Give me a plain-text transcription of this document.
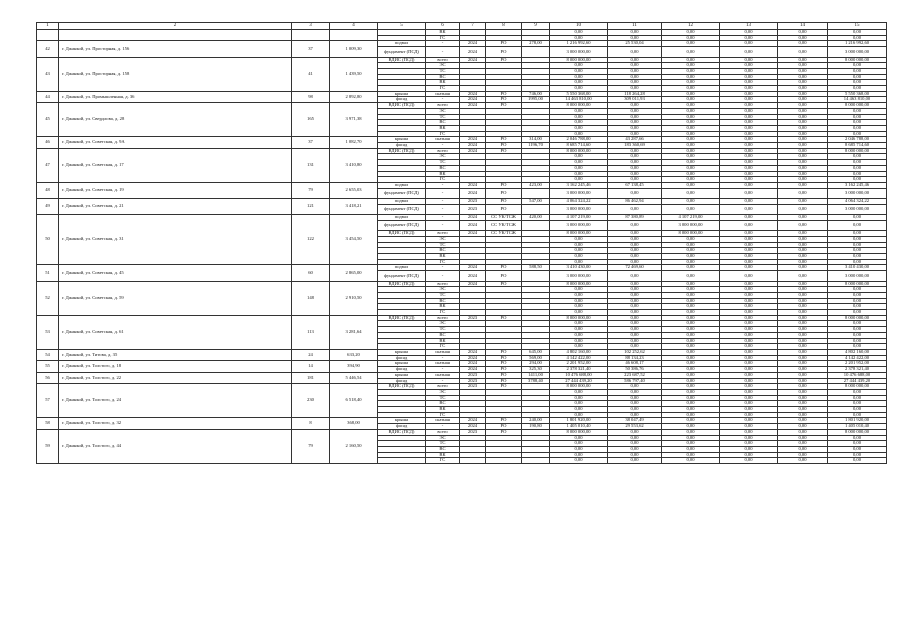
1	2	3	4	5	6	7	8	9	10	11	12	13	14	15
					ВК				0,00	0,00	0,00	0,00	0,00	0,00
					ГС				0,00	0,00	0,00	0,00	0,00	0,00
42	г. Джанкой, ул. Просторная, д. 156	37	1 009,30	подвал	-	2024	РО	278,00	1 216 992,60	25 530,04	0,00	0,00	0,00	1 216 992,60
				фундамент (ПСД)	-	2024	РО		3 000 000,00	0,00	0,00	0,00	0,00	3 000 000,00
43	г. Джанкой, ул. Просторная, д. 158	41	1 439,50	ВДИС (ПСД)	всего	2024	РО		8 000 000,00	0,00	0,00	0,00	0,00	8 000 000,00
					ЭС				0,00	0,00	0,00	0,00	0,00	0,00
					ТС				0,00	0,00	0,00	0,00	0,00	0,00
					ВС				0,00	0,00	0,00	0,00	0,00	0,00
					ВК				0,00	0,00	0,00	0,00	0,00	0,00
					ГС				0,00	0,00	0,00	0,00	0,00	0,00
44	г. Джанкой, ул. Промышленная, д. 36	98	2 892,80	крыша	скатная	2024	РО	746,00	5 550 368,00	118 264,28	0,00	0,00	0,00	5 550 368,00
				фасад	-	2024	РО	1995,00	14 463 810,00	309 011,93	0,00	0,00	0,00	14 463 810,00
45	г. Джанкой, ул. Свердлова, д. 28	165	3 971,38	ВДИС (ПСД)	всего	2024	РО		8 000 000,00	0,00	0,00	0,00	0,00	8 000 000,00
					ЭС				0,00	0,00	0,00	0,00	0,00	0,00
					ТС				0,00	0,00	0,00	0,00	0,00	0,00
					ВС				0,00	0,00	0,00	0,00	0,00	0,00
					ВК				0,00	0,00	0,00	0,00	0,00	0,00
					ГС				0,00	0,00	0,00	0,00	0,00	0,00
46	г. Джанкой, ул. Советская, д. 9А	37	1 082,70	крыша	скатная	2024	РО	314,00	2 046 788,00	43 287,66	0,00	0,00	0,00	2 046 788,00
				фасад	-	2024	РО	1196,70	8 685 714,60	183 360,69	0,00	0,00	0,00	8 685 714,60
47	г. Джанкой, ул. Советская, д. 17	131	3 410,80	ВДИС (ПСД)	всего	2024	РО		8 000 000,00	0,00	0,00	0,00	0,00	8 000 000,00
					ЭС				0,00	0,00	0,00	0,00	0,00	0,00
					ТС				0,00	0,00	0,00	0,00	0,00	0,00
					ВС				0,00	0,00	0,00	0,00	0,00	0,00
					ВК				0,00	0,00	0,00	0,00	0,00	0,00
					ГС				0,00	0,00	0,00	0,00	0,00	0,00
48	г. Джанкой, ул. Советская, д. 19	79	2 655,03	подвал	-	2024	РО	423,00	3 162 245,46	67 138,45	0,00	0,00	0,00	3 162 245,46
				фундамент (ПСД)	-	2024	РО		3 000 000,00	0,00	0,00	0,00	0,00	3 000 000,00
49	г. Джанкой, ул. Советская, д. 21	121	3 418,21	подвал	-	2023	РО	547,00	4 064 324,22	86 462,94	0,00	0,00	0,00	4 064 324,22
				фундамент (ПСД)	-	2023	РО		3 000 000,00	0,00	0,00	0,00	0,00	3 000 000,00
50	г. Джанкой, ул. Советская, д. 31	122	3 454,50	подвал	-	2024	СС УК/ТСЖ	420,00	4 107 219,00	87 380,89	4 107 219,00	0,00	0,00	0,00
				фундамент (ПСД)	-	2024	СС УК/ТСЖ		3 000 000,00	0,00	3 000 000,00	0,00	0,00	0,00
				ВДИС (ПСД)	всего	2024	СС УК/ТСЖ		8 000 000,00	0,00	8 000 000,00	0,00	0,00	0,00
					ЭС				0,00	0,00	0,00	0,00	0,00	0,00
					ТС				0,00	0,00	0,00	0,00	0,00	0,00
					ВС				0,00	0,00	0,00	0,00	0,00	0,00
					ВК				0,00	0,00	0,00	0,00	0,00	0,00
					ГС				0,00	0,00	0,00	0,00	0,00	0,00
51	г. Джанкой, ул. Советская, д. 45	60	2 865,00	подвал	-	2024	РО	588,50	3 410 430,00	72 469,60	0,00	0,00	0,00	3 410 430,00
				фундамент (ПСД)	-	2024	РО		3 000 000,00	0,00	0,00	0,00	0,00	3 000 000,00
52	г. Джанкой, ул. Советская, д. 59	148	2 910,50	ВДИС (ПСД)	всего	2024	РО		8 000 000,00	0,00	0,00	0,00	0,00	8 000 000,00
					ЭС				0,00	0,00	0,00	0,00	0,00	0,00
					ТС				0,00	0,00	0,00	0,00	0,00	0,00
					ВС				0,00	0,00	0,00	0,00	0,00	0,00
					ВК				0,00	0,00	0,00	0,00	0,00	0,00
					ГС				0,00	0,00	0,00	0,00	0,00	0,00
53	г. Джанкой, ул. Советская, д. 61	113	3 281,64	ВДИС (ПСД)	всего	2023	РО		8 000 000,00	0,00	0,00	0,00	0,00	8 000 000,00
					ЭС				0,00	0,00	0,00	0,00	0,00	0,00
					ТС				0,00	0,00	0,00	0,00	0,00	0,00
					ВС				0,00	0,00	0,00	0,00	0,00	0,00
					ВК				0,00	0,00	0,00	0,00	0,00	0,00
					ГС				0,00	0,00	0,00	0,00	0,00	0,00
54	г. Джанкой, ул. Титова, д. 35	24	633,20	крыша	скатная	2024	РО	645,00	4 802 160,00	102 252,62	0,00	0,00	0,00	4 802 160,00
				фасад	-	2024	РО	569,00	4 142 422,00	88 134,23	0,00	0,00	0,00	4 142 422,00
55	г. Джанкой, ул. Толстого, д. 18	14	394,90	крыша	скатная	2024	РО	294,00	2 201 952,00	46 608,17	0,00	0,00	0,00	2 201 952,00
				фасад	-	2024	РО	325,30	2 378 321,40	50 386,76	0,00	0,00	0,00	2 378 321,40
56	г. Джанкой, ул. Толстого, д. 22	181	5 446,54	крыша	скатная	2023	РО	1411,00	10 476 688,00	223 687,52	0,00	0,00	0,00	10 476 688,00
				фасад	-	2023	РО	3788,40	27 444 439,20	586 797,40	0,00	0,00	0,00	27 444 439,20
57	г. Джанкой, ул. Толстого, д. 24	230	6 518,40	ВДИС (ПСД)	всего	2023	РО		8 000 000,00	0,00	0,00	0,00	0,00	8 000 000,00
					ЭС				0,00	0,00	0,00	0,00	0,00	0,00
					ТС				0,00	0,00	0,00	0,00	0,00	0,00
					ВС				0,00	0,00	0,00	0,00	0,00	0,00
					ВК				0,00	0,00	0,00	0,00	0,00	0,00
					ГС				0,00	0,00	0,00	0,00	0,00	0,00
58	г. Джанкой, ул. Толстого, д. 32	8	368,00	крыша	скатная	2024	РО	240,00	1 801 920,00	38 047,49	0,00	0,00	0,00	1 801 920,00
				фасад	-	2024	РО	190,80	1 405 010,40	29 553,62	0,00	0,00	0,00	1 405 010,40
59	г. Джанкой, ул. Толстого, д. 44	79	2 160,50	ВДИС (ПСД)	всего	2023	РО		8 000 000,00	0,00	0,00	0,00	0,00	8 000 000,00
					ЭС				0,00	0,00	0,00	0,00	0,00	0,00
					ТС				0,00	0,00	0,00	0,00	0,00	0,00
					ВС				0,00	0,00	0,00	0,00	0,00	0,00
					ВК				0,00	0,00	0,00	0,00	0,00	0,00
					ГС				0,00	0,00	0,00	0,00	0,00	0,00
